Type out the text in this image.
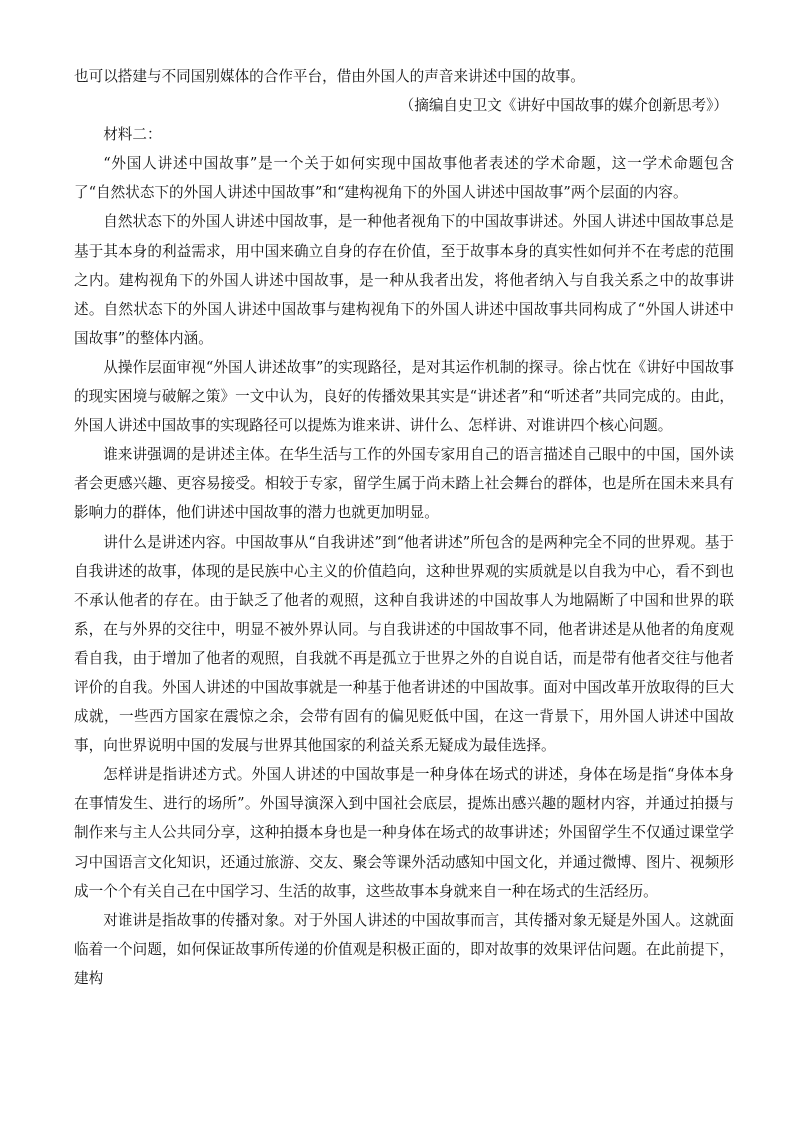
也可以搭建与不同国别媒体的合作平台，借由外国人的声音来讲述中国的故事。

（摘编自史卫文《讲好中国故事的媒介创新思考》）

材料二：

“外国人讲述中国故事”是一个关于如何实现中国故事他者表述的学术命题，这一学术命题包含了“自然状态下的外国人讲述中国故事”和“建构视角下的外国人讲述中国故事”两个层面的内容。

自然状态下的外国人讲述中国故事，是一种他者视角下的中国故事讲述。外国人讲述中国故事总是基于其本身的利益需求，用中国来确立自身的存在价值，至于故事本身的真实性如何并不在考虑的范围之内。建构视角下的外国人讲述中国故事，是一种从我者出发，将他者纳入与自我关系之中的故事讲述。自然状态下的外国人讲述中国故事与建构视角下的外国人讲述中国故事共同构成了“外国人讲述中国故事”的整体内涵。

从操作层面审视“外国人讲述故事”的实现路径，是对其运作机制的探寻。徐占忱在《讲好中国故事的现实困境与破解之策》一文中认为，良好的传播效果其实是“讲述者”和“听述者”共同完成的。由此，外国人讲述中国故事的实现路径可以提炼为谁来讲、讲什么、怎样讲、对谁讲四个核心问题。

谁来讲强调的是讲述主体。在华生活与工作的外国专家用自己的语言描述自己眼中的中国，国外读者会更感兴趣、更容易接受。相较于专家，留学生属于尚未踏上社会舞台的群体，也是所在国未来具有影响力的群体，他们讲述中国故事的潜力也就更加明显。

讲什么是讲述内容。中国故事从“自我讲述”到“他者讲述”所包含的是两种完全不同的世界观。基于自我讲述的故事，体现的是民族中心主义的价值趋向，这种世界观的实质就是以自我为中心，看不到也不承认他者的存在。由于缺乏了他者的观照，这种自我讲述的中国故事人为地隔断了中国和世界的联系，在与外界的交往中，明显不被外界认同。与自我讲述的中国故事不同，他者讲述是从他者的角度观看自我，由于增加了他者的观照，自我就不再是孤立于世界之外的自说自话，而是带有他者交往与他者评价的自我。外国人讲述的中国故事就是一种基于他者讲述的中国故事。面对中国改革开放取得的巨大成就，一些西方国家在震惊之余，会带有固有的偏见贬低中国，在这一背景下，用外国人讲述中国故事，向世界说明中国的发展与世界其他国家的利益关系无疑成为最佳选择。

怎样讲是指讲述方式。外国人讲述的中国故事是一种身体在场式的讲述，身体在场是指“身体本身在事情发生、进行的场所”。外国导演深入到中国社会底层，提炼出感兴趣的题材内容，并通过拍摄与制作来与主人公共同分享，这种拍摄本身也是一种身体在场式的故事讲述；外国留学生不仅通过课堂学习中国语言文化知识，还通过旅游、交友、聚会等课外活动感知中国文化，并通过微博、图片、视频形成一个个有关自己在中国学习、生活的故事，这些故事本身就来自一种在场式的生活经历。

对谁讲是指故事的传播对象。对于外国人讲述的中国故事而言，其传播对象无疑是外国人。这就面临着一个问题，如何保证故事所传递的价值观是积极正面的，即对故事的效果评估问题。在此前提下，建构
